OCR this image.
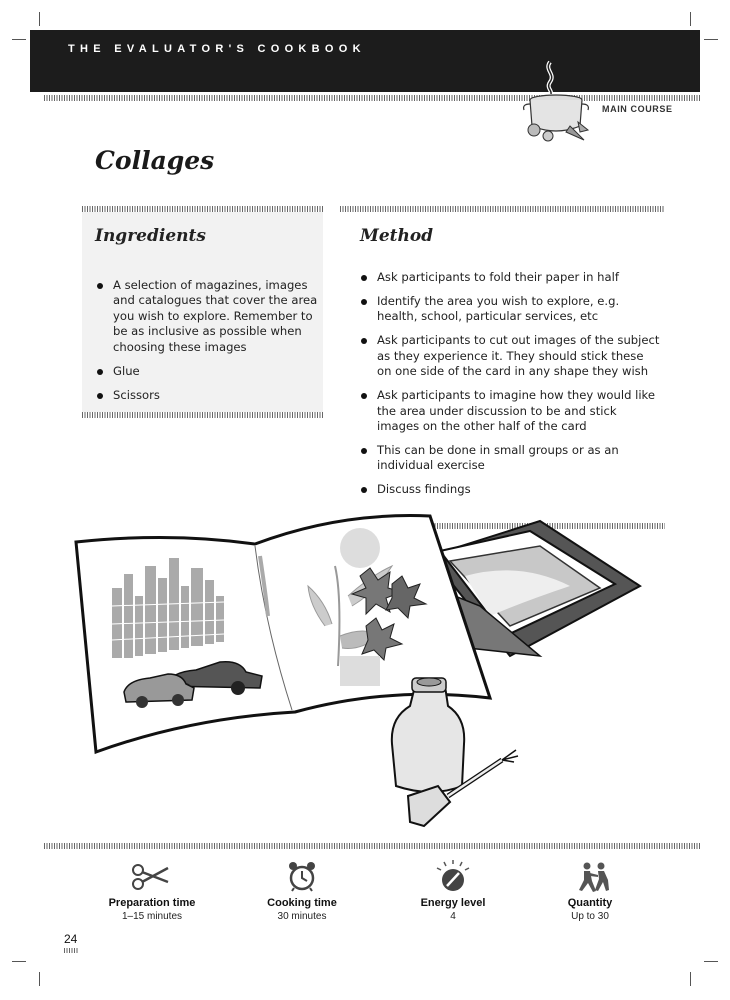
THE EVALUATOR'S COOKBOOK
MAIN COURSE
Collages
Ingredients
A selection of magazines, images and catalogues that cover the area you wish to explore. Remember to be as inclusive as possible when choosing these images
Glue
Scissors
Method
Ask participants to fold their paper in half
Identify the area you wish to explore, e.g. health, school, particular services, etc
Ask participants to cut out images of the subject as they experience it. They should stick these on one side of the card in any shape they wish
Ask participants to imagine how they would like the area under discussion to be and stick images on the other half of the card
This can be done in small groups or as an individual exercise
Discuss findings
Preparation time
1–15 minutes
Cooking time
30 minutes
Energy level
4
Quantity
Up to 30
24
